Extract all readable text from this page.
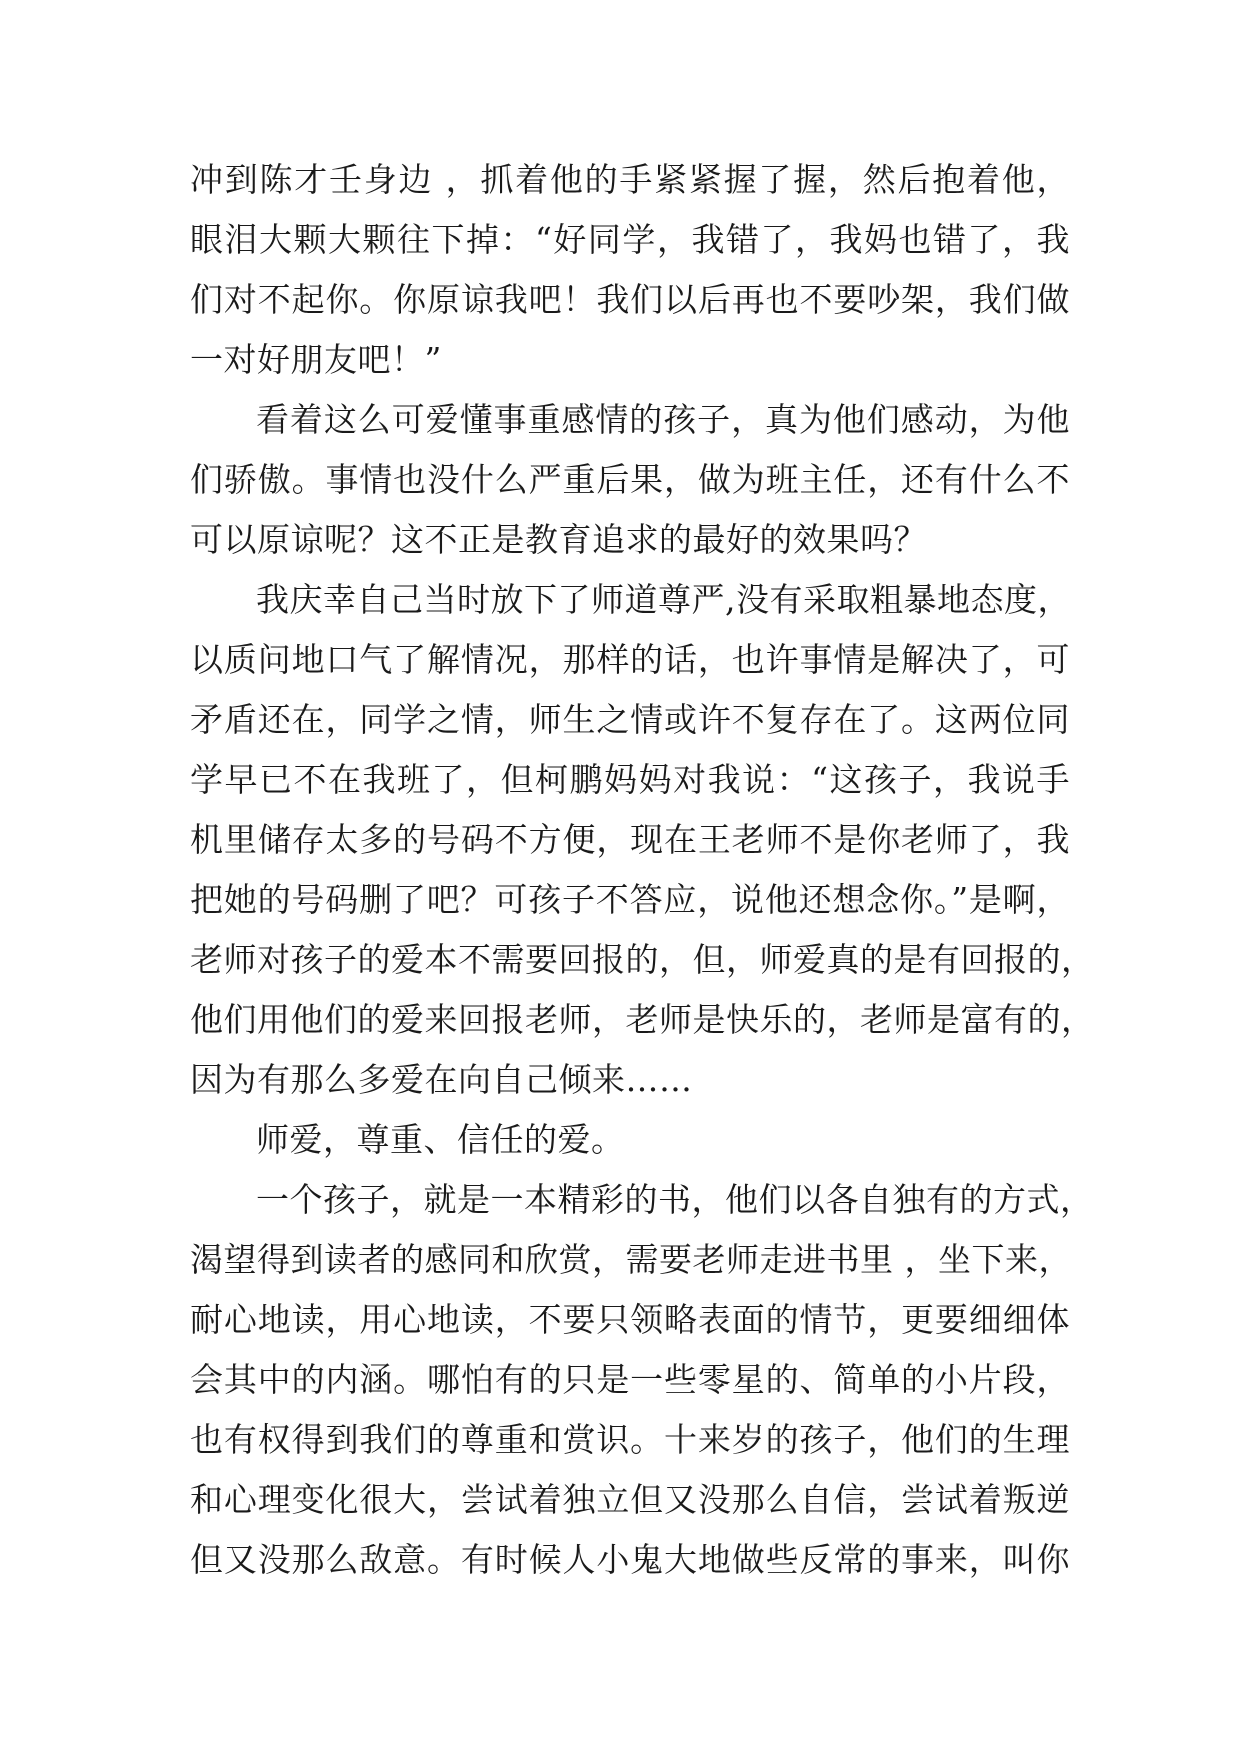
冲到陈才壬身边 ，抓着他的手紧紧握了握，然后抱着他，
眼泪大颗大颗往下掉：“好同学，我错了，我妈也错了，我
们对不起你。你原谅我吧！我们以后再也不要吵架，我们做
一对好朋友吧！”
看着这么可爱懂事重感情的孩子，真为他们感动，为他
们骄傲。事情也没什么严重后果，做为班主任，还有什么不
可以原谅呢？这不正是教育追求的最好的效果吗？
我庆幸自己当时放下了师道尊严,没有采取粗暴地态度，
以质问地口气了解情况，那样的话，也许事情是解决了，可
矛盾还在，同学之情，师生之情或许不复存在了。这两位同
学早已不在我班了，但柯鹏妈妈对我说：“这孩子，我说手
机里储存太多的号码不方便，现在王老师不是你老师了，我
把她的号码删了吧？可孩子不答应，说他还想念你。”是啊，
老师对孩子的爱本不需要回报的，但，师爱真的是有回报的，
他们用他们的爱来回报老师，老师是快乐的，老师是富有的，
因为有那么多爱在向自己倾来……
师爱，尊重、信任的爱。
一个孩子，就是一本精彩的书，他们以各自独有的方式，
渴望得到读者的感同和欣赏，需要老师走进书里 ，坐下来，
耐心地读，用心地读，不要只领略表面的情节，更要细细体
会其中的内涵。哪怕有的只是一些零星的、简单的小片段，
也有权得到我们的尊重和赏识。十来岁的孩子，他们的生理
和心理变化很大，尝试着独立但又没那么自信，尝试着叛逆
但又没那么敌意。有时候人小鬼大地做些反常的事来，叫你
